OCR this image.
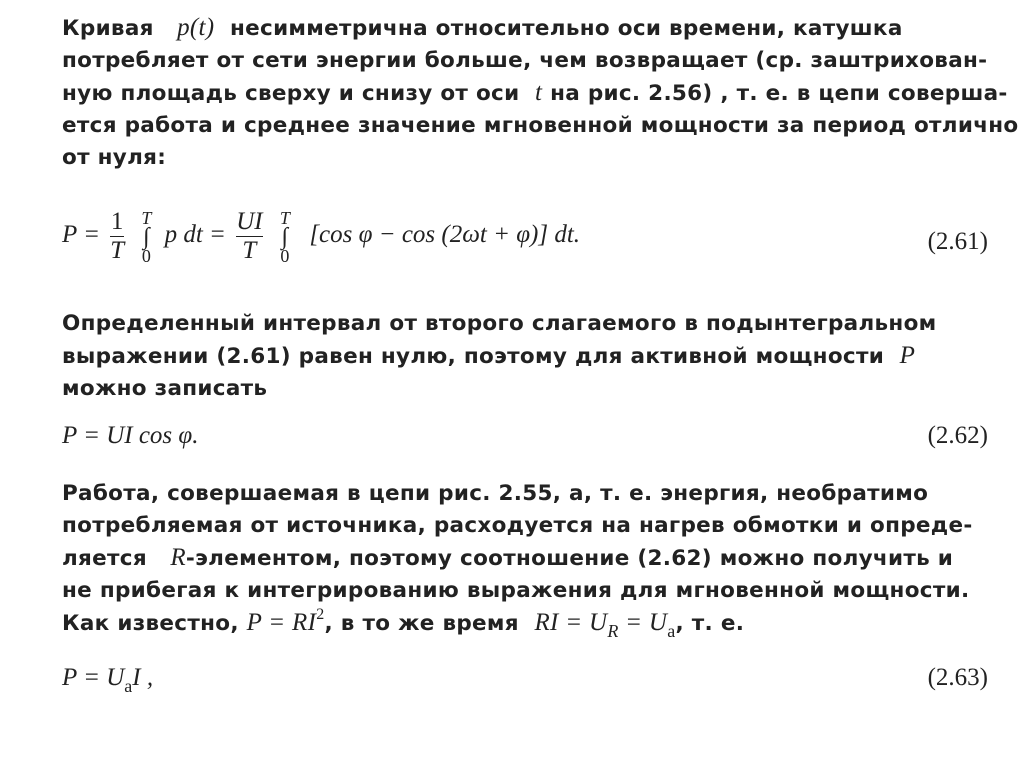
Кривая p(t) несимметрична относительно оси времени, катушка
потребляет от сети энергии больше, чем возвращает (ср. заштрихован-
ную площадь сверху и снизу от оси t на рис. 2.56) , т. е. в цепи соверша-
ется работа и среднее значение мгновенной мощности за период отлично
от нуля:
$P = \frac{1}{T}$
T
∫
0
p dt = $\frac{UI}{T}$
T
∫
0
[cos φ − cos (2ωt + φ)] dt.	(2.61)
Определенный интервал от второго слагаемого в подынтегральном
выражении (2.61) равен нулю, поэтому для активной мощности P
можно записать
P = UI cos φ.	(2.62)
Работа, совершаемая в цепи рис. 2.55, а, т. е. энергия, необратимо
потребляемая от источника, расходуется на нагрев обмотки и опреде-
ляется R-элементом, поэтому соотношение (2.62) можно получить и
не прибегая к интегрированию выражения для мгновенной мощности.
Как известно, $P = RI^2$, в то же время RI = $U_R = U_а$, т. е.
$P = U_аI$ ,	(2.63)
